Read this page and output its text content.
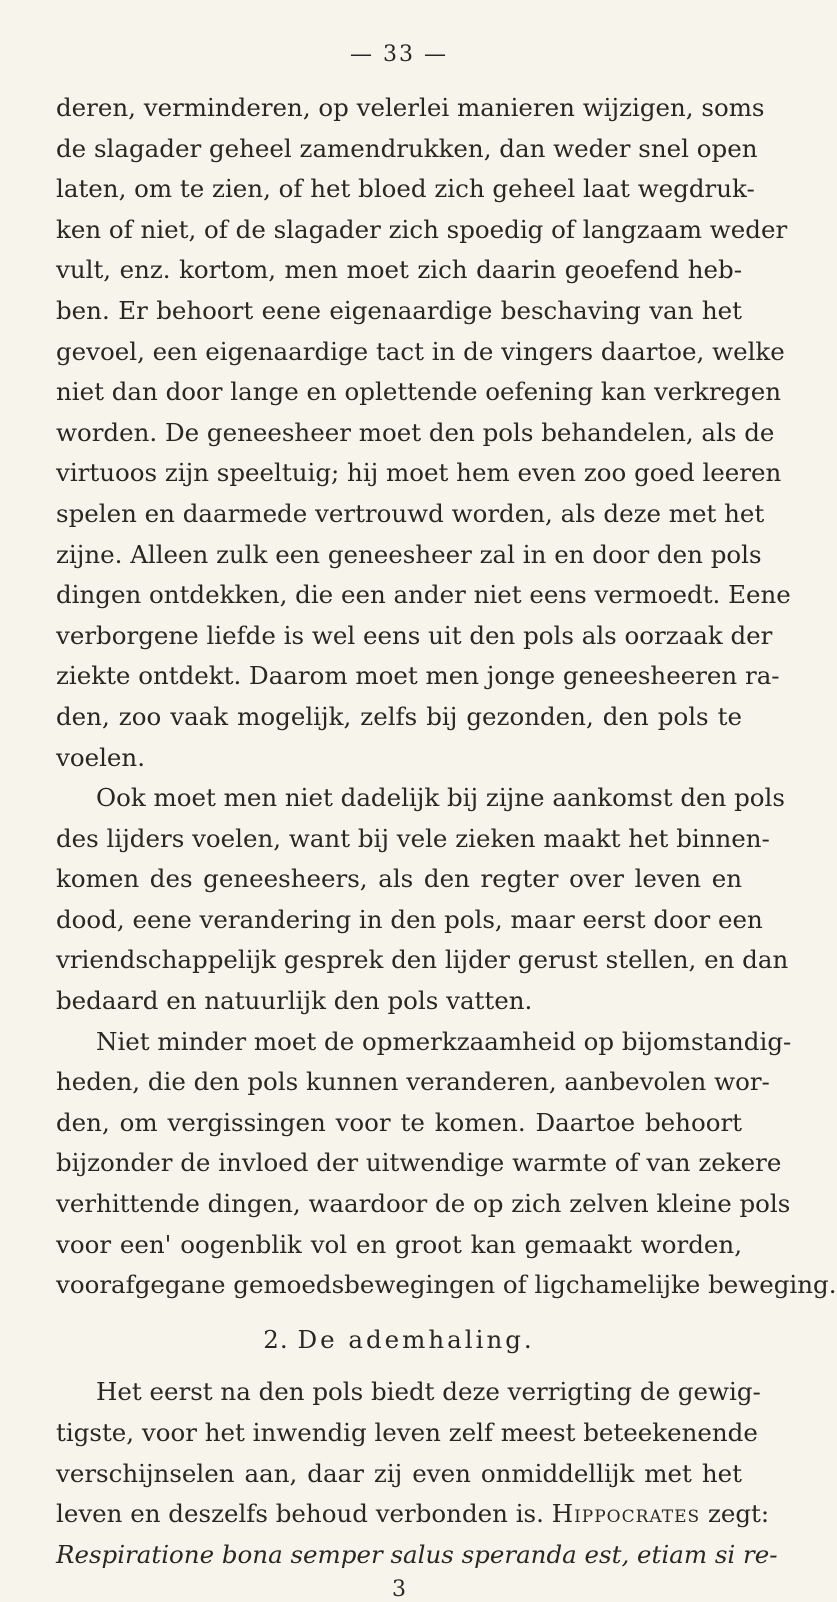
— 33 —
deren, verminderen, op velerlei manieren wijzigen, soms
de slagader geheel zamendrukken, dan weder snel open
laten, om te zien, of het bloed zich geheel laat wegdruk-
ken of niet, of de slagader zich spoedig of langzaam weder
vult, enz. kortom, men moet zich daarin geoefend heb-
ben. Er behoort eene eigenaardige beschaving van het
gevoel, een eigenaardige tact in de vingers daartoe, welke
niet dan door lange en oplettende oefening kan verkregen
worden. De geneesheer moet den pols behandelen, als de
virtuoos zijn speeltuig; hij moet hem even zoo goed leeren
spelen en daarmede vertrouwd worden, als deze met het
zijne. Alleen zulk een geneesheer zal in en door den pols
dingen ontdekken, die een ander niet eens vermoedt. Eene
verborgene liefde is wel eens uit den pols als oorzaak der
ziekte ontdekt. Daarom moet men jonge geneesheeren ra-
den, zoo vaak mogelijk, zelfs bij gezonden, den pols te
voelen.
Ook moet men niet dadelijk bij zijne aankomst den pols
des lijders voelen, want bij vele zieken maakt het binnen-
komen des geneesheers, als den regter over leven en
dood, eene verandering in den pols, maar eerst door een
vriendschappelijk gesprek den lijder gerust stellen, en dan
bedaard en natuurlijk den pols vatten.
Niet minder moet de opmerkzaamheid op bijomstandig-
heden, die den pols kunnen veranderen, aanbevolen wor-
den, om vergissingen voor te komen. Daartoe behoort
bijzonder de invloed der uitwendige warmte of van zekere
verhittende dingen, waardoor de op zich zelven kleine pols
voor een' oogenblik vol en groot kan gemaakt worden,
voorafgegane gemoedsbewegingen of ligchamelijke beweging.
2. De ademhaling.
Het eerst na den pols biedt deze verrigting de gewig-
tigste, voor het inwendig leven zelf meest beteekenende
verschijnselen aan, daar zij even onmiddellijk met het
leven en deszelfs behoud verbonden is. Hippocrates zegt:
Respiratione bona semper salus speranda est, etiam si re-
3
